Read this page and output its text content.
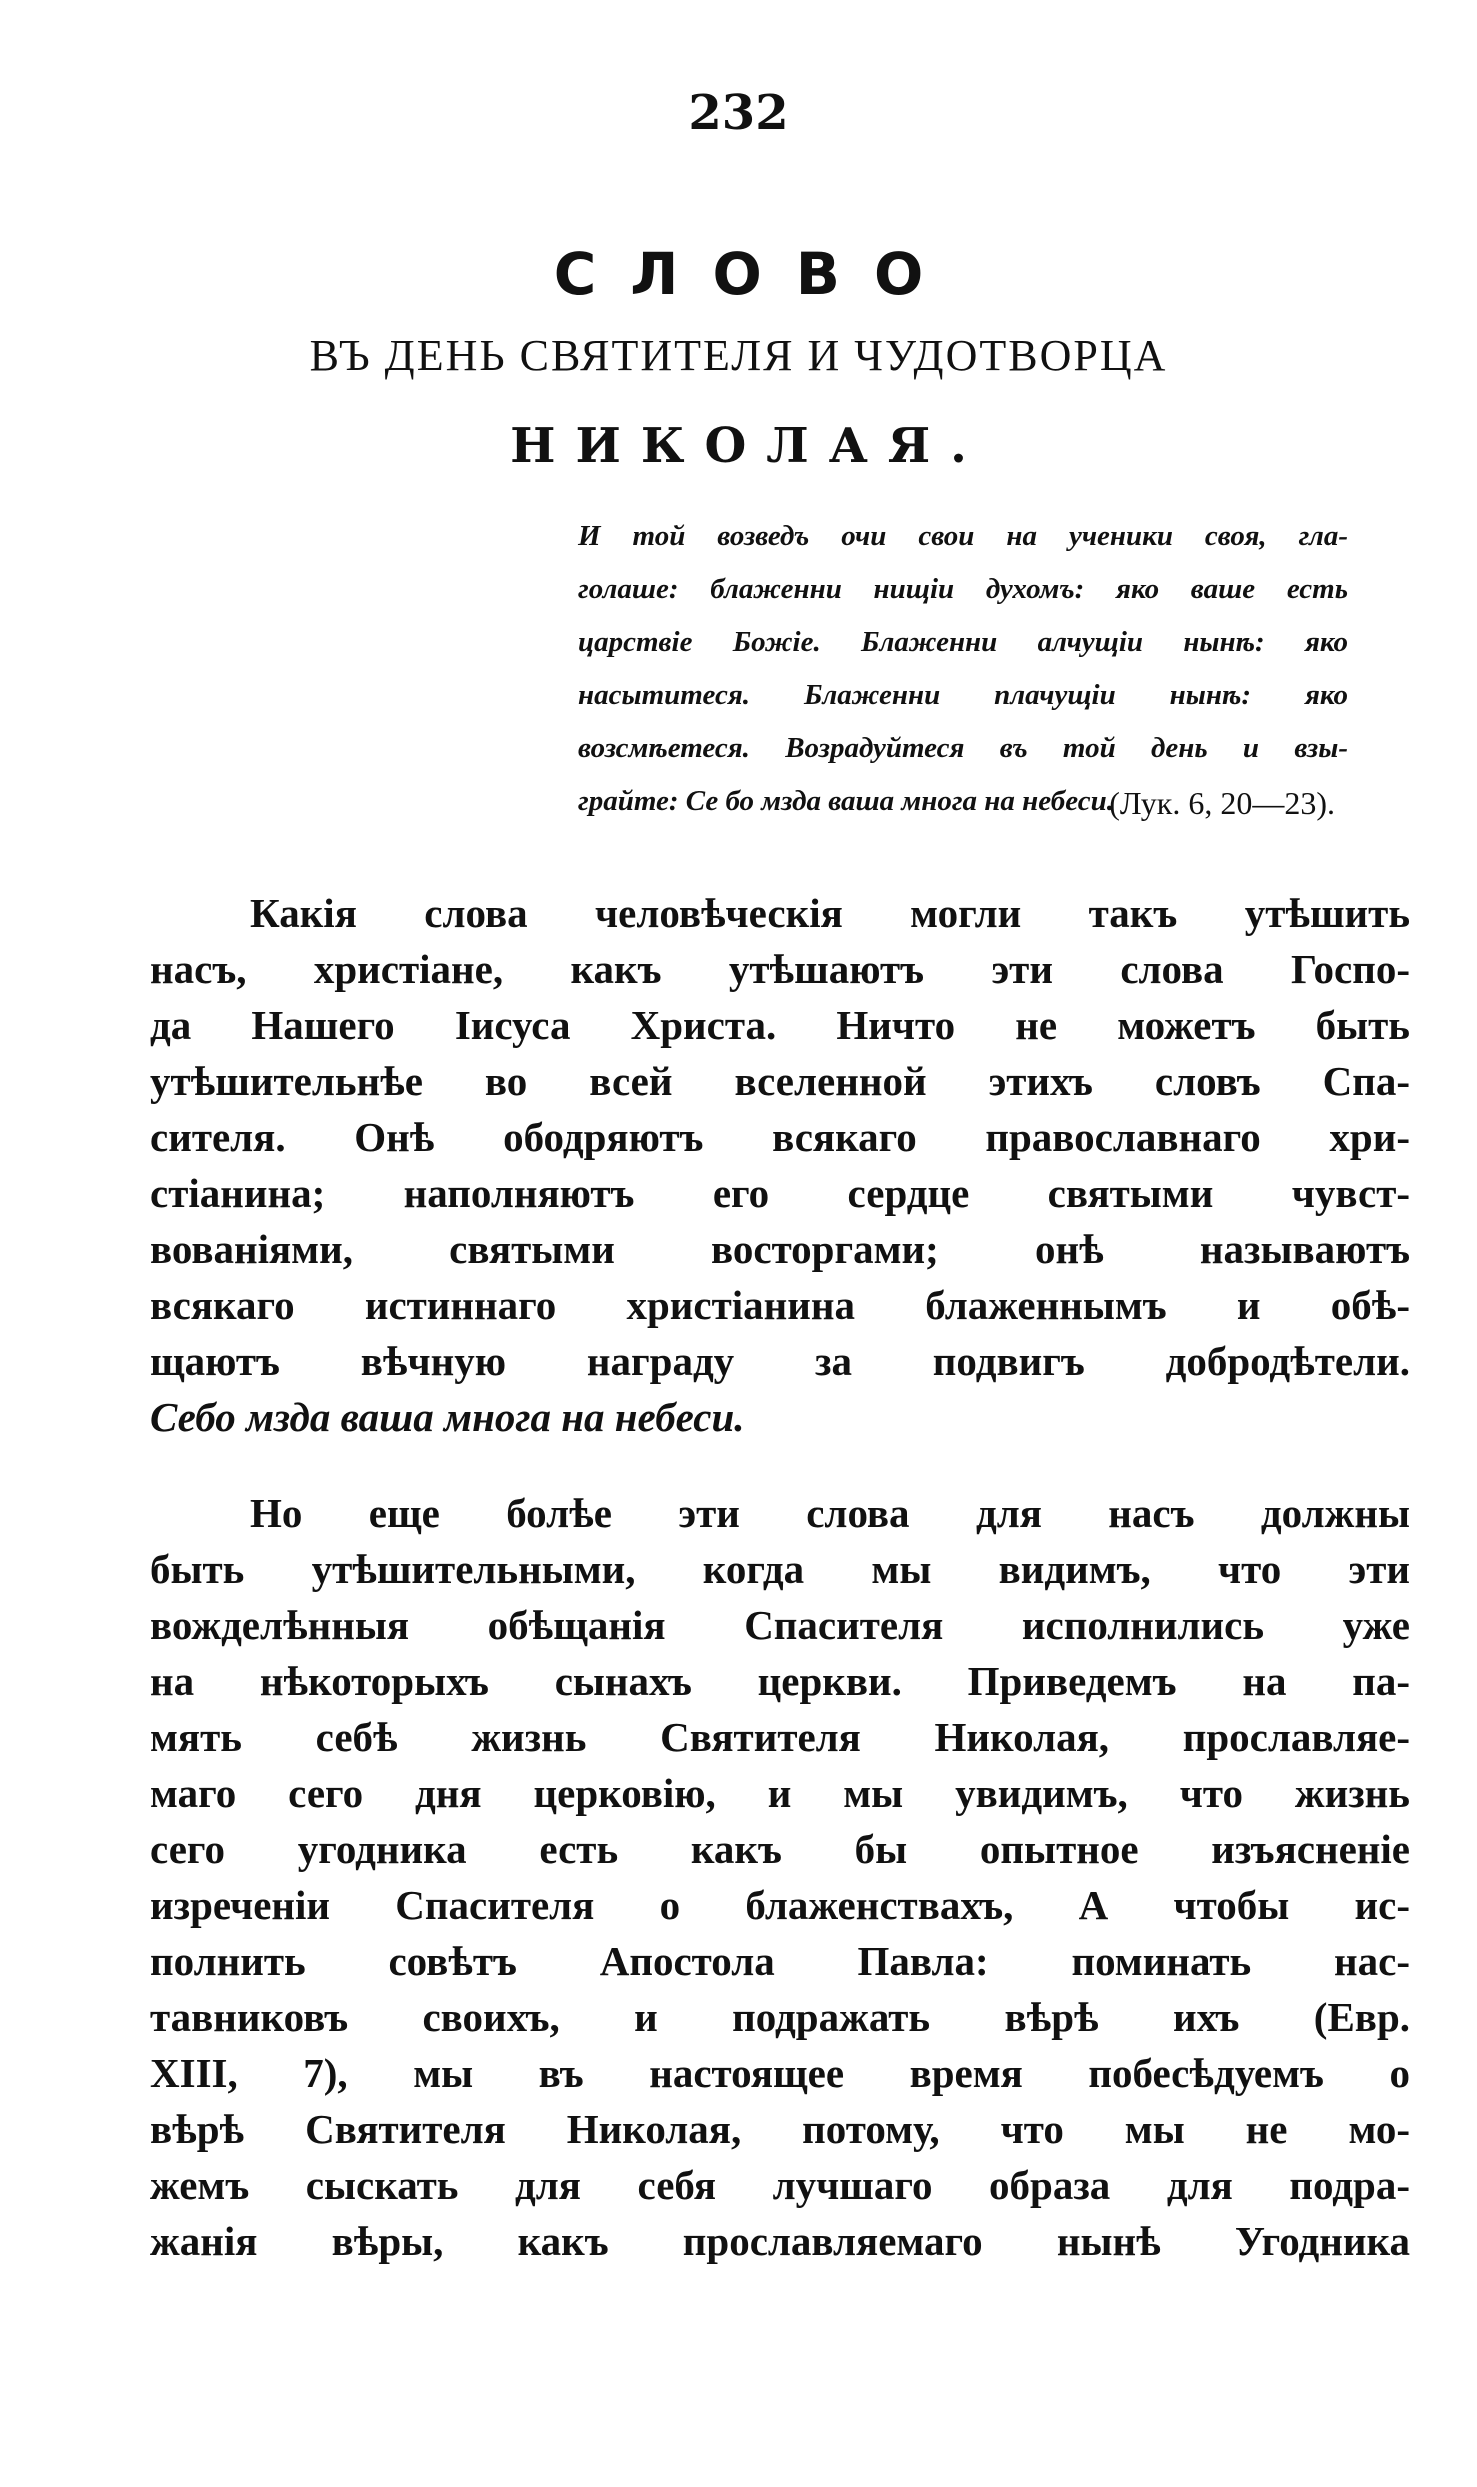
232
СЛОВО
ВЪ ДЕНЬ СВЯТИТЕЛЯ И ЧУДОТВОРЦА
НИКОЛАЯ.
И той возведъ очи свои на ученики своя, гла-
голаше: блаженни нищiи духомъ: яко ваше есть
царствiе Божiе. Блаженни алчущiи нынѣ: яко
насытитеся. Блаженни плачущiи нынѣ: яко
возсмѣетеся. Возрадуйтеся въ той день и взы-
грайте: Се бо мзда ваша многа на небеси.
(Лук. 6, 20—23).
Какiя слова человѣческiя могли такъ утѣшить
насъ, христiане, какъ утѣшаютъ эти слова Госпо-
да Нашего Iисуса Христа. Ничто не можетъ быть
утѣшительнѣе во всей вселенной этихъ словъ Спа-
сителя. Онѣ ободряютъ всякаго православнаго хри-
стiанина; наполняютъ его сердце святыми чувст-
вованiями, святыми восторгами; онѣ называютъ
всякаго истиннаго христiанина блаженнымъ и обѣ-
щаютъ вѣчную награду за подвигъ добродѣтели.
Себо мзда ваша многа на небеси.
Но еще болѣе эти слова для насъ должны
быть утѣшительными, когда мы видимъ, что эти
вожделѣнныя обѣщанiя Спасителя исполнились уже
на нѣкоторыхъ сынахъ церкви. Приведемъ на па-
мять себѣ жизнь Святителя Николая, прославляе-
маго сего дня церковiю, и мы увидимъ, что жизнь
сего угодника есть какъ бы опытное изъясненiе
изреченiи Спасителя о блаженствахъ, А чтобы ис-
полнить совѣтъ Апостола Павла: поминать нас-
тавниковъ своихъ, и подражать вѣрѣ ихъ (Евр.
XIII, 7), мы въ настоящее время побесѣдуемъ о
вѣрѣ Святителя Николая, потому, что мы не мо-
жемъ сыскать для себя лучшаго образа для подра-
жанiя вѣры, какъ прославляемаго нынѣ Угодника
